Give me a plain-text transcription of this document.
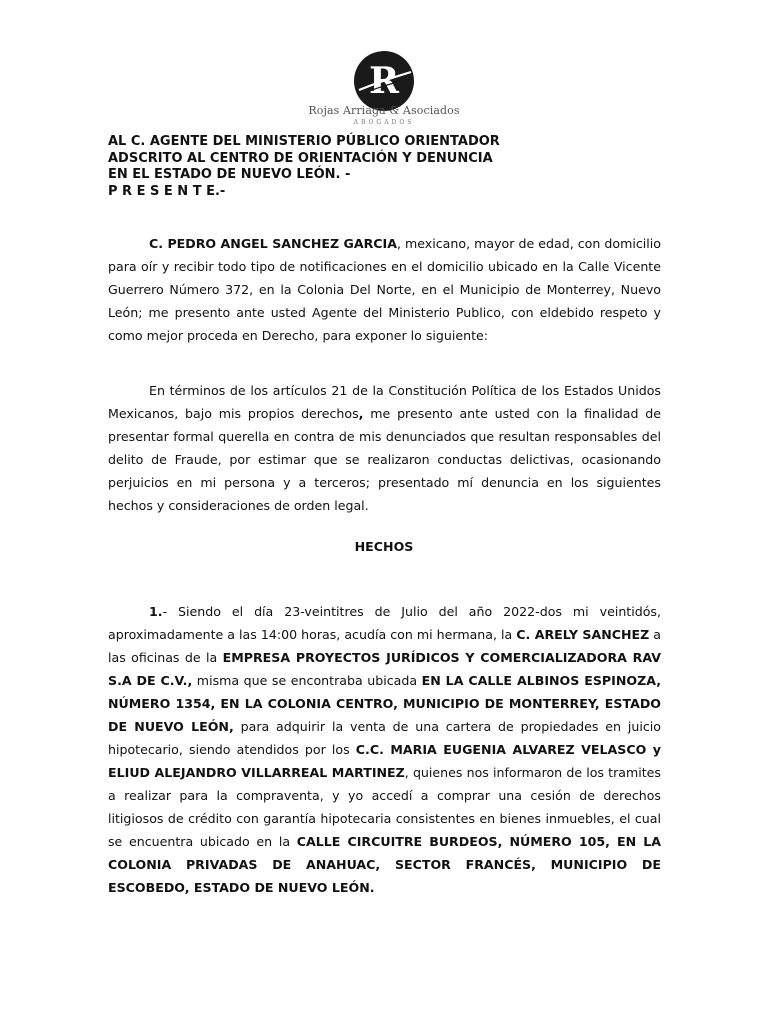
R
Rojas Arriaga & Asociados
ABOGADOS
AL C. AGENTE DEL MINISTERIO PÚBLICO ORIENTADOR
ADSCRITO AL CENTRO DE ORIENTACIÓN Y DENUNCIA
EN EL ESTADO DE NUEVO LEÓN. -
P R E S E N T E.-
C. PEDRO ANGEL SANCHEZ GARCIA, mexicano, mayor de edad, con domicilio para oír y recibir todo tipo de notificaciones en el domicilio ubicado en la Calle Vicente Guerrero Número 372, en la Colonia Del Norte, en el Municipio de Monterrey, Nuevo León; me presento ante usted Agente del Ministerio Publico, con eldebido respeto y como mejor proceda en Derecho, para exponer lo siguiente:
En términos de los artículos 21 de la Constitución Política de los Estados Unidos Mexicanos, bajo mis propios derechos, me presento ante usted con la finalidad de presentar formal querella en contra de mis denunciados que resultan responsables del delito de Fraude, por estimar que se realizaron conductas delictivas, ocasionando perjuicios en mi persona y a terceros; presentado mí denuncia en los siguientes hechos y consideraciones de orden legal.
HECHOS
1.- Siendo el día 23-veintitres de Julio del año 2022-dos mi veintidós, aproximadamente a las 14:00 horas, acudía con mi hermana, la C. ARELY SANCHEZ a las oficinas de la EMPRESA PROYECTOS JURÍDICOS Y COMERCIALIZADORA RAV S.A DE C.V., misma que se encontraba ubicada EN LA CALLE ALBINOS ESPINOZA, NÚMERO 1354, EN LA COLONIA CENTRO, MUNICIPIO DE MONTERREY, ESTADO DE NUEVO LEÓN, para adquirir la venta de una cartera de propiedades en juicio hipotecario, siendo atendidos por los C.C. MARIA EUGENIA ALVAREZ VELASCO y ELIUD ALEJANDRO VILLARREAL MARTINEZ, quienes nos informaron de los tramites a realizar para la compraventa, y yo accedí a comprar una cesión de derechos litigiosos de crédito con garantía hipotecaria consistentes en bienes inmuebles, el cual se encuentra ubicado en la CALLE CIRCUITRE BURDEOS, NÚMERO 105, EN LA COLONIA PRIVADAS DE ANAHUAC, SECTOR FRANCÉS, MUNICIPIO DE ESCOBEDO, ESTADO DE NUEVO LEÓN.
